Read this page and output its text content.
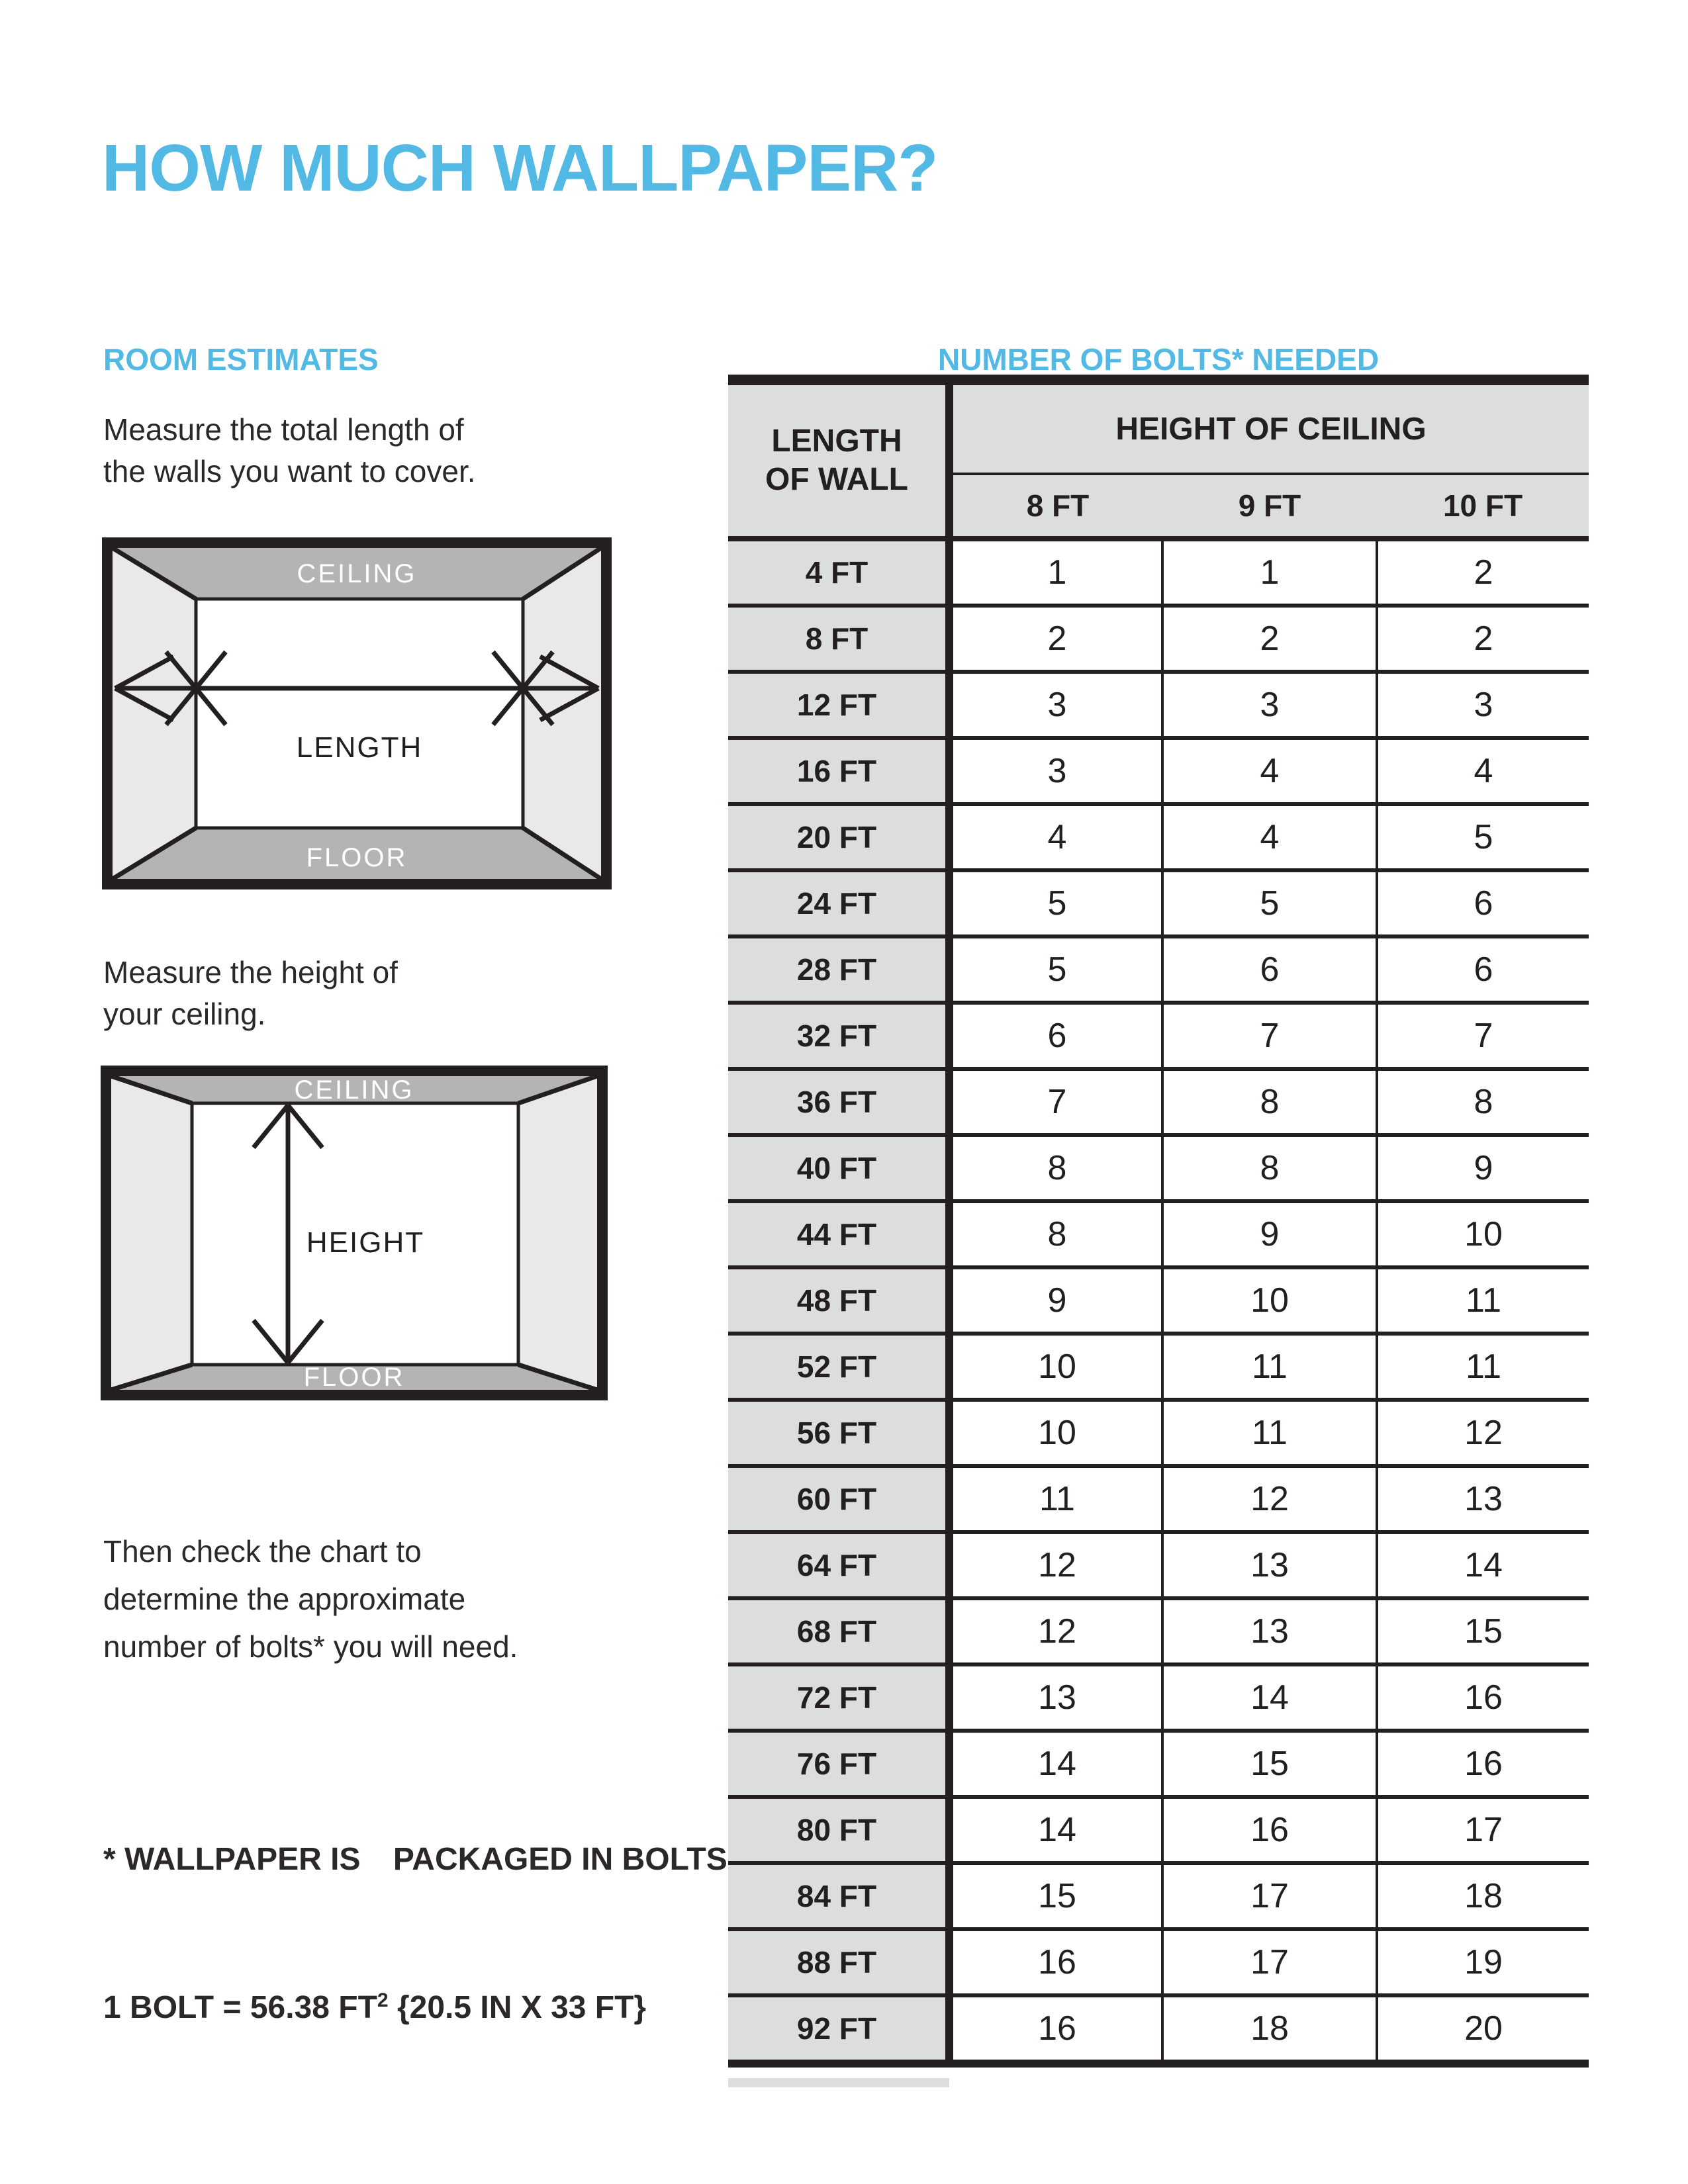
HOW MUCH WALLPAPER?
ROOM ESTIMATES

Measure the total length of
the walls you want to cover.

CEILING
FLOOR
LENGTH

Measure the height of
your ceiling.

CEILING
FLOOR
HEIGHT

Then check the chart to
determine the approximate
number of bolts* you will need.

* WALLPAPER IS PACKAGED IN BOLTS

1 BOLT = 56.38 $FT^2$ {20.5 IN X 33 FT}

NUMBER OF BOLTS* NEEDED
LENGTH
OF WALL	HEIGHT OF CEILING		
	8 FT	9 FT	10 FT
4 FT	1	1	2
8 FT	2	2	2
12 FT	3	3	3
16 FT	3	4	4
20 FT	4	4	5
24 FT	5	5	6
28 FT	5	6	6
32 FT	6	7	7
36 FT	7	8	8
40 FT	8	8	9
44 FT	8	9	10
48 FT	9	10	11
52 FT	10	11	11
56 FT	10	11	12
60 FT	11	12	13
64 FT	12	13	14
68 FT	12	13	15
72 FT	13	14	16
76 FT	14	15	16
80 FT	14	16	17
84 FT	15	17	18
88 FT	16	17	19
92 FT	16	18	20
